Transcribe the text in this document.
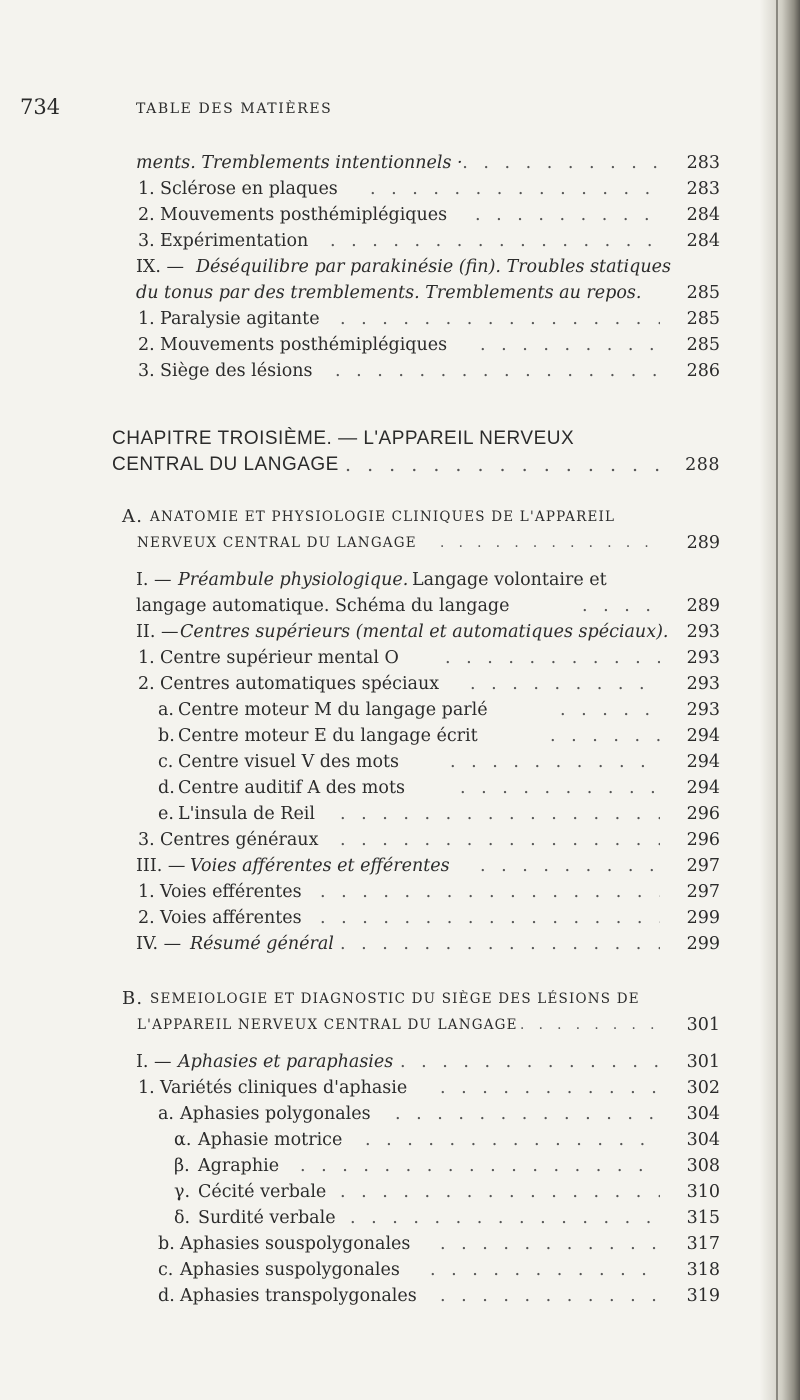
734	TABLE DES MATIÈRES
ments. Tremblements intentionnels · . . .	283
1. Sclérose en plaques . . .	283
2. Mouvements posthémiplégiques . . .	284
3. Expérimentation . . .	284
IX. — Déséquilibre par parakinésie (fin). Troubles statiques
du tonus par des tremblements. Tremblements au repos.	285
1. Paralysie agitante . . .	285
2. Mouvements posthémiplégiques . . .	285
3. Siège des lésions . . .	286
CHAPITRE TROISIÈME. — L'APPAREIL NERVEUX
CENTRAL DU LANGAGE . . .	288
A. ANATOMIE ET PHYSIOLOGIE CLINIQUES DE L'APPAREIL
NERVEUX CENTRAL DU LANGAGE . . .	289
I. — Préambule physiologique. Langage volontaire et
langage automatique. Schéma du langage . . .	289
II. — Centres supérieurs (mental et automatiques spéciaux).	293
1. Centre supérieur mental O . . .	293
2. Centres automatiques spéciaux . . .	293
a. Centre moteur M du langage parlé . . .	293
b. Centre moteur E du langage écrit . . .	294
c. Centre visuel V des mots . . .	294
d. Centre auditif A des mots . . .	294
e. L'insula de Reil . . .	296
3. Centres généraux . . .	296
III. — Voies afférentes et efférentes . . .	297
1. Voies efférentes . . .	297
2. Voies afférentes . . .	299
IV. — Résumé général . . .	299
B. SEMEIOLOGIE ET DIAGNOSTIC DU SIÈGE DES LÉSIONS DE
L'APPAREIL NERVEUX CENTRAL DU LANGAGE . . .	301
I. — Aphasies et paraphasies . . .	301
1. Variétés cliniques d'aphasie . . .	302
a. Aphasies polygonales . . .	304
α. Aphasie motrice . . .	304
β. Agraphie . . .	308
γ. Cécité verbale . . .	310
δ. Surdité verbale . . .	315
b. Aphasies souspolygonales . . .	317
c. Aphasies suspolygonales . . .	318
d. Aphasies transpolygonales . . .	319
